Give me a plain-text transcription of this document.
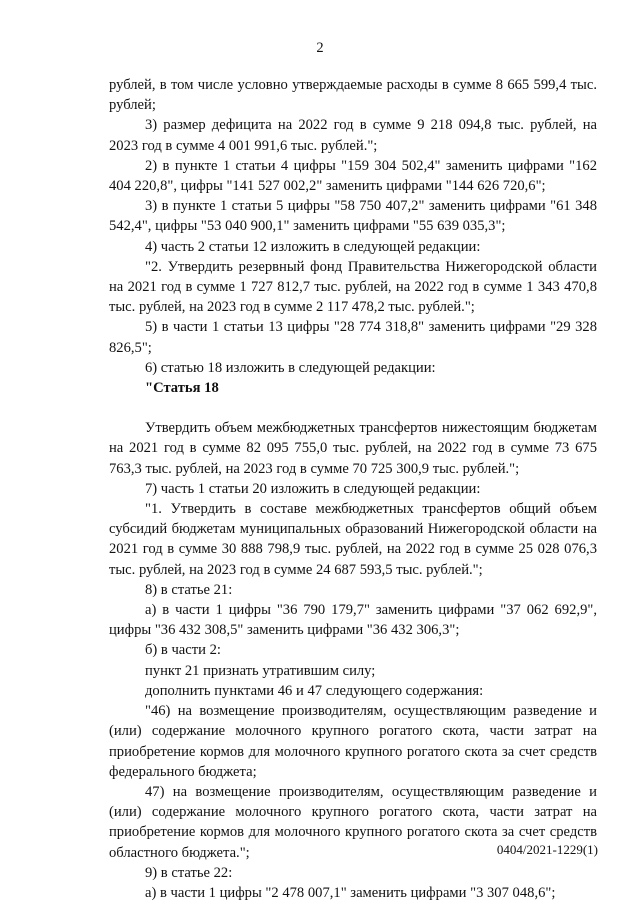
2

рублей, в том числе условно утверждаемые расходы в сумме 8 665 599,4 тыс. рублей;

3) размер дефицита на 2022 год в сумме 9 218 094,8 тыс. рублей, на 2023 год в сумме 4 001 991,6 тыс. рублей.";

2) в пункте 1 статьи 4 цифры "159 304 502,4" заменить цифрами "162 404 220,8", цифры "141 527 002,2" заменить цифрами "144 626 720,6";

3) в пункте 1 статьи 5 цифры "58 750 407,2" заменить цифрами "61 348 542,4", цифры "53 040 900,1" заменить цифрами "55 639 035,3";

4) часть 2 статьи 12 изложить в следующей редакции:

"2. Утвердить резервный фонд Правительства Нижегородской области на 2021 год в сумме 1 727 812,7 тыс. рублей, на 2022 год в сумме 1 343 470,8 тыс. рублей, на 2023 год в сумме 2 117 478,2 тыс. рублей.";

5) в части 1 статьи 13 цифры "28 774 318,8" заменить цифрами "29 328 826,5";

6) статью 18 изложить в следующей редакции:

"Статья 18

Утвердить объем межбюджетных трансфертов нижестоящим бюджетам на 2021 год в сумме 82 095 755,0 тыс. рублей, на 2022 год в сумме 73 675 763,3 тыс. рублей, на 2023 год в сумме 70 725 300,9 тыс. рублей.";

7) часть 1 статьи 20 изложить в следующей редакции:

"1. Утвердить в составе межбюджетных трансфертов общий объем субсидий бюджетам муниципальных образований Нижегородской области на 2021 год в сумме 30 888 798,9 тыс. рублей, на 2022 год в сумме 25 028 076,3 тыс. рублей, на 2023 год в сумме 24 687 593,5 тыс. рублей.";

8) в статье 21:

а) в части 1 цифры "36 790 179,7" заменить цифрами "37 062 692,9", цифры "36 432 308,5" заменить цифрами "36 432 306,3";

б) в части 2:

пункт 21 признать утратившим силу;

дополнить пунктами 46 и 47 следующего содержания:

"46) на возмещение производителям, осуществляющим разведение и (или) содержание молочного крупного рогатого скота, части затрат на приобретение кормов для молочного крупного рогатого скота за счет средств федерального бюджета;

47) на возмещение производителям, осуществляющим разведение и (или) содержание молочного крупного рогатого скота, части затрат на приобретение кормов для молочного крупного рогатого скота за счет средств областного бюджета.";

9) в статье 22:

а) в части 1 цифры "2 478 007,1" заменить цифрами "3 307 048,6";

0404/2021-1229(1)
